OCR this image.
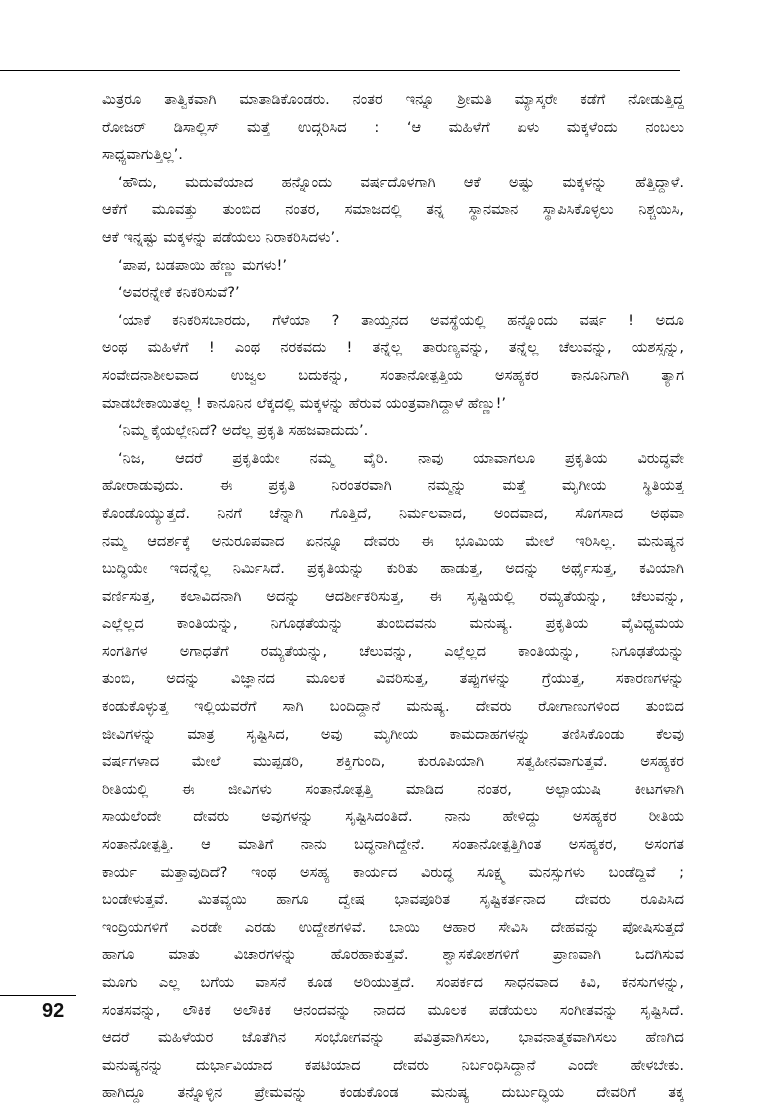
ಮಿತ್ರರೂ ತಾತ್ವಿಕವಾಗಿ ಮಾತಾಡಿಕೊಂಡರು. ನಂತರ ಇನ್ನೂ ಶ್ರೀಮತಿ ಮ್ಯಾಸ್ಕರೇ ಕಡೆಗೆ ನೋಡುತ್ತಿದ್ದ
ರೋಜರ್ ಡಿಸಾಲ್ಲಿಸ್ ಮತ್ತೆ ಉದ್ಗರಿಸಿದ : ‘ಆ ಮಹಿಳೆಗೆ ಏಳು ಮಕ್ಕಳೆಂದು ನಂಬಲು
ಸಾಧ್ಯವಾಗುತ್ತಿಲ್ಲ’.
‘ಹೌದು, ಮದುವೆಯಾದ ಹನ್ನೊಂದು ವರ್ಷದೊಳಗಾಗಿ ಆಕೆ ಅಷ್ಟು ಮಕ್ಕಳನ್ನು ಹೆತ್ತಿದ್ದಾಳೆ.
ಆಕೆಗೆ ಮೂವತ್ತು ತುಂಬಿದ ನಂತರ, ಸಮಾಜದಲ್ಲಿ ತನ್ನ ಸ್ಥಾನಮಾನ ಸ್ಥಾಪಿಸಿಕೊಳ್ಳಲು ನಿಶ್ಚಯಿಸಿ,
ಆಕೆ ಇನ್ನಷ್ಟು ಮಕ್ಕಳನ್ನು ಪಡೆಯಲು ನಿರಾಕರಿಸಿದಳು’.
‘ಪಾಪ, ಬಡಪಾಯಿ ಹೆಣ್ಣು ಮಗಳು!’
‘ಅವರನ್ನೇಕೆ ಕನಿಕರಿಸುವೆ?’
‘ಯಾಕೆ ಕನಿಕರಿಸಬಾರದು, ಗೆಳೆಯಾ ? ತಾಯ್ತನದ ಅವಸ್ಥೆಯಲ್ಲಿ ಹನ್ನೊಂದು ವರ್ಷ ! ಅದೂ
ಅಂಥ ಮಹಿಳೆಗೆ ! ಎಂಥ ನರಕವದು ! ತನ್ನೆಲ್ಲ ತಾರುಣ್ಯವನ್ನು, ತನ್ನೆಲ್ಲ ಚೆಲುವನ್ನು, ಯಶಸ್ಸನ್ನು,
ಸಂವೇದನಾಶೀಲವಾದ ಉಜ್ವಲ ಬದುಕನ್ನು, ಸಂತಾನೋತ್ಪತ್ತಿಯ ಅಸಹ್ಯಕರ ಕಾನೂನಿಗಾಗಿ ತ್ಯಾಗ
ಮಾಡಬೇಕಾಯಿತಲ್ಲ ! ಕಾನೂನಿನ ಲೆಕ್ಕದಲ್ಲಿ ಮಕ್ಕಳನ್ನು ಹೆರುವ ಯಂತ್ರವಾಗಿದ್ದಾಳೆ ಹೆಣ್ಣು!’
‘ನಿಮ್ಮ ಕೈಯಲ್ಲೇನಿದೆ? ಅದೆಲ್ಲ ಪ್ರಕೃತಿ ಸಹಜವಾದುದು’.
‘ನಿಜ, ಆದರೆ ಪ್ರಕೃತಿಯೇ ನಮ್ಮ ವೈರಿ. ನಾವು ಯಾವಾಗಲೂ ಪ್ರಕೃತಿಯ ವಿರುದ್ಧವೇ
ಹೋರಾಡುವುದು. ಈ ಪ್ರಕೃತಿ ನಿರಂತರವಾಗಿ ನಮ್ಮನ್ನು ಮತ್ತೆ ಮೃಗೀಯ ಸ್ಥಿತಿಯತ್ತ
ಕೊಂಡೊಯ್ಯುತ್ತದೆ. ನಿನಗೆ ಚೆನ್ನಾಗಿ ಗೊತ್ತಿದೆ, ನಿರ್ಮಲವಾದ, ಅಂದವಾದ, ಸೊಗಸಾದ ಅಥವಾ
ನಮ್ಮ ಆದರ್ಶಕ್ಕೆ ಅನುರೂಪವಾದ ಏನನ್ನೂ ದೇವರು ಈ ಭೂಮಿಯ ಮೇಲೆ ಇರಿಸಿಲ್ಲ. ಮನುಷ್ಯನ
ಬುದ್ಧಿಯೇ ಇದನ್ನೆಲ್ಲ ನಿರ್ಮಿಸಿದೆ. ಪ್ರಕೃತಿಯನ್ನು ಕುರಿತು ಹಾಡುತ್ತ, ಅದನ್ನು ಅರ್ಥೈಸುತ್ತ, ಕವಿಯಾಗಿ
ವರ್ಣಿಸುತ್ತ, ಕಲಾವಿದನಾಗಿ ಅದನ್ನು ಆದರ್ಶೀಕರಿಸುತ್ತ, ಈ ಸೃಷ್ಟಿಯಲ್ಲಿ ರಮ್ಯತೆಯನ್ನು, ಚೆಲುವನ್ನು,
ಎಲ್ಲೆಲ್ಲದ ಕಾಂತಿಯನ್ನು, ನಿಗೂಢತೆಯನ್ನು ತುಂಬಿದವನು ಮನುಷ್ಯ. ಪ್ರಕೃತಿಯ ವೈವಿಧ್ಯಮಯ
ಸಂಗತಿಗಳ ಅಗಾಧತೆಗೆ ರಮ್ಯತೆಯನ್ನು, ಚೆಲುವನ್ನು, ಎಲ್ಲೆಲ್ಲದ ಕಾಂತಿಯನ್ನು, ನಿಗೂಢತೆಯನ್ನು
ತುಂಬಿ, ಅದನ್ನು ವಿಜ್ಞಾನದ ಮೂಲಕ ವಿವರಿಸುತ್ತ, ತಪ್ಪುಗಳನ್ನು ಗ್ರೆಯುತ್ತ, ಸಕಾರಣಗಳನ್ನು
ಕಂಡುಕೊಳ್ಳುತ್ತ ಇಲ್ಲಿಯವರೆಗೆ ಸಾಗಿ ಬಂದಿದ್ದಾನೆ ಮನುಷ್ಯ. ದೇವರು ರೋಗಾಣುಗಳಿಂದ ತುಂಬಿದ
ಜೀವಿಗಳನ್ನು ಮಾತ್ರ ಸೃಷ್ಟಿಸಿದ, ಅವು ಮೃಗೀಯ ಕಾಮದಾಹಗಳನ್ನು ತಣಿಸಿಕೊಂಡು ಕೆಲವು
ವರ್ಷಗಳಾದ ಮೇಲೆ ಮುಪ್ಪಡರಿ, ಶಕ್ತಿಗುಂದಿ, ಕುರೂಪಿಯಾಗಿ ಸತ್ವಹೀನವಾಗುತ್ತವೆ. ಅಸಹ್ಯಕರ
ರೀತಿಯಲ್ಲಿ ಈ ಜೀವಿಗಳು ಸಂತಾನೋತ್ಪತ್ತಿ ಮಾಡಿದ ನಂತರ, ಅಲ್ಪಾಯುಷಿ ಕೀಟಗಳಾಗಿ
ಸಾಯಲೆಂದೇ ದೇವರು ಅವುಗಳನ್ನು ಸೃಷ್ಟಿಸಿದಂತಿದೆ. ನಾನು ಹೇಳಿದ್ದು ಅಸಹ್ಯಕರ ರೀತಿಯ
ಸಂತಾನೋತ್ಪತ್ತಿ. ಆ ಮಾತಿಗೆ ನಾನು ಬದ್ಧನಾಗಿದ್ದೇನೆ. ಸಂತಾನೋತ್ಪತ್ತಿಗಿಂತ ಅಸಹ್ಯಕರ, ಅಸಂಗತ
ಕಾರ್ಯ ಮತ್ತಾವುದಿದೆ? ಇಂಥ ಅಸಹ್ಯ ಕಾರ್ಯದ ವಿರುದ್ಧ ಸೂಕ್ಷ್ಮ ಮನಸ್ಸುಗಳು ಬಂಡೆದ್ದಿವೆ ;
ಬಂಡೇಳುತ್ತವೆ. ಮಿತವ್ಯಯಿ ಹಾಗೂ ದ್ವೇಷ ಭಾವಪೂರಿತ ಸೃಷ್ಟಿಕರ್ತನಾದ ದೇವರು ರೂಪಿಸಿದ
ಇಂದ್ರಿಯಗಳಿಗೆ ಎರಡೇ ಎರಡು ಉದ್ದೇಶಗಳಿವೆ. ಬಾಯಿ ಆಹಾರ ಸೇವಿಸಿ ದೇಹವನ್ನು ಪೋಷಿಸುತ್ತದೆ
ಹಾಗೂ ಮಾತು ವಿಚಾರಗಳನ್ನು ಹೊರಹಾಕುತ್ತವೆ. ಶ್ವಾಸಕೋಶಗಳಿಗೆ ಪ್ರಾಣವಾಗಿ ಒದಗಿಸುವ
ಮೂಗು ಎಲ್ಲ ಬಗೆಯ ವಾಸನೆ ಕೂಡ ಅರಿಯುತ್ತದೆ. ಸಂಪರ್ಕದ ಸಾಧನವಾದ ಕಿವಿ, ಕನಸುಗಳನ್ನು,
ಸಂತಸವನ್ನು, ಲೌಕಿಕ ಅಲೌಕಿಕ ಆನಂದವನ್ನು ನಾದದ ಮೂಲಕ ಪಡೆಯಲು ಸಂಗೀತವನ್ನು ಸೃಷ್ಟಿಸಿದೆ.
ಆದರೆ ಮಹಿಳೆಯರ ಜೊತೆಗಿನ ಸಂಭೋಗವನ್ನು ಪವಿತ್ರವಾಗಿಸಲು, ಭಾವನಾತ್ಮಕವಾಗಿಸಲು ಹೆಣಗಿದ
ಮನುಷ್ಯನನ್ನು ದುರ್ಭಾವಿಯಾದ ಕಪಟಿಯಾದ ದೇವರು ನಿರ್ಬಂಧಿಸಿದ್ದಾನೆ ಎಂದೇ ಹೇಳಬೇಕು.
ಹಾಗಿದ್ದೂ ತನ್ನೊಳ್ಳಿನ ಪ್ರೇಮವನ್ನು ಕಂಡುಕೊಂಡ ಮನುಷ್ಯ ದುರ್ಬುದ್ಧಿಯ ದೇವರಿಗೆ ತಕ್ಕ
92
